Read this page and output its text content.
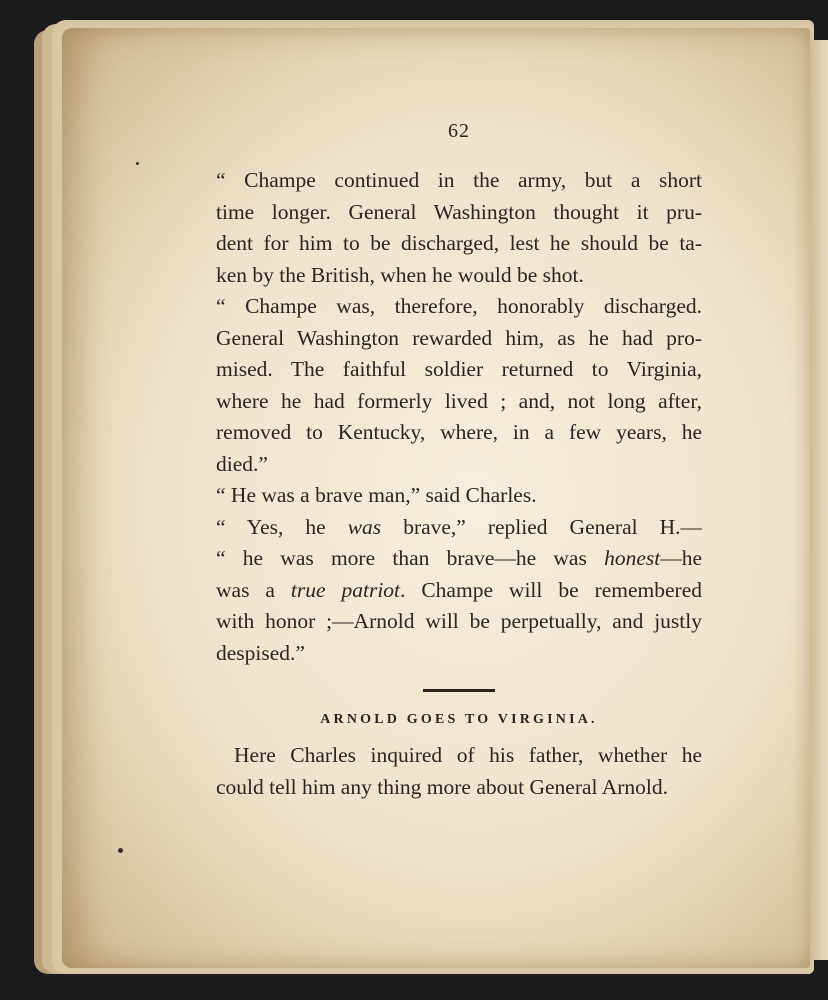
62
“ Champe continued in the army, but a short
time longer. General Washington thought it pru-
dent for him to be discharged, lest he should be ta-
ken by the British, when he would be shot.
“ Champe was, therefore, honorably discharged.
General Washington rewarded him, as he had pro-
mised. The faithful soldier returned to Virginia,
where he had formerly lived ; and, not long after,
removed to Kentucky, where, in a few years, he
died.”
“ He was a brave man,” said Charles.
“ Yes, he was brave,” replied General H.—
“ he was more than brave—he was honest—he
was a true patriot. Champe will be remembered
with honor ;—Arnold will be perpetually, and justly
despised.”
ARNOLD GOES TO VIRGINIA.
Here Charles inquired of his father, whether he
could tell him any thing more about General Arnold.
